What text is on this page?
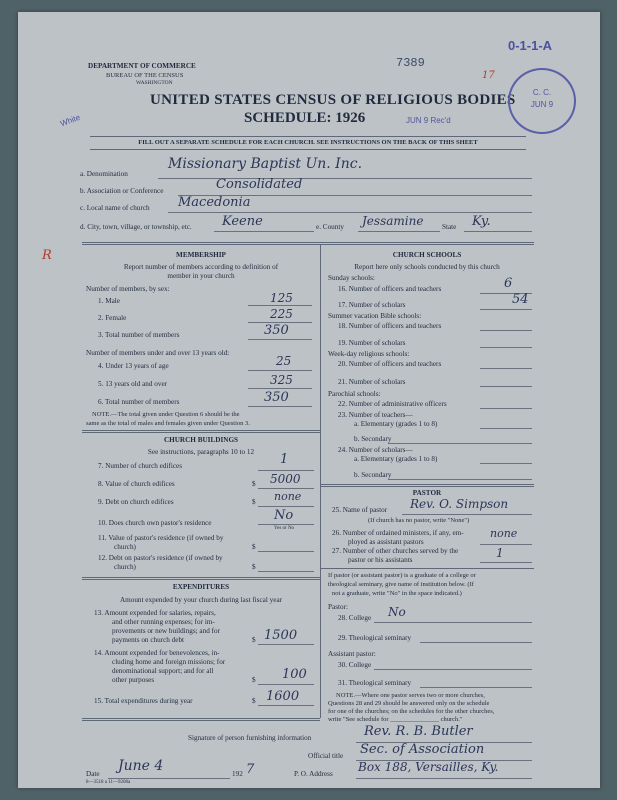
DEPARTMENT OF COMMERCE
BUREAU OF THE CENSUS
WASHINGTON
7389
0-1-1-A
17
White
R
UNITED STATES CENSUS OF RELIGIOUS BODIES
SCHEDULE: 1926	JUN 9 Rec'd
C. C.
JUN 9
FILL OUT A SEPARATE SCHEDULE FOR EACH CHURCH. SEE INSTRUCTIONS ON THE BACK OF THIS SHEET
a. Denomination
Missionary Baptist Un. Inc.
b. Association or Conference	Consolidated
c. Local name of church Macedonia
d. City, town, village, or township, etc. Keene	e. County Jessamine	State Ky.
MEMBERSHIP
Report number of members according to definition of
member in your church
Number of members, by sex:
1. Male	125
2. Female	225
3. Total number of members	350
Number of members under and over 13 years old:
4. Under 13 years of age	25
5. 13 years old and over	325
6. Total number of members	350
NOTE.—The total given under Question 6 should be the
same as the total of males and females given under Question 3.
CHURCH BUILDINGS
See instructions, paragraphs 10 to 12
7. Number of church edifices	1
8. Value of church edifices	$ 5000
9. Debt on church edifices	$ none
10. Does church own pastor's residence	No
Yes or No
11. Value of pastor's residence (if owned by
church)	$
12. Debt on pastor's residence (if owned by
church)	$
EXPENDITURES
Amount expended by your church during last fiscal year
13. Amount expended for salaries, repairs,
and other running expenses; for im-
provements or new buildings; and for
payments on church debt	$ 1500
14. Amount expended for benevolences, in-
cluding home and foreign missions; for
denominational support; and for all
other purposes	$ 100
15. Total expenditures during year	$ 1600
CHURCH SCHOOLS
Report here only schools conducted by this church
Sunday schools:
16. Number of officers and teachers	6
17. Number of scholars	54
Summer vacation Bible schools:
18. Number of officers and teachers
19. Number of scholars
Week-day religious schools:
20. Number of officers and teachers
21. Number of scholars
Parochial schools:
22. Number of administrative officers
23. Number of teachers—
a. Elementary (grades 1 to 8)
b. Secondary
24. Number of scholars—
a. Elementary (grades 1 to 8)
b. Secondary
PASTOR
25. Name of pastor Rev. O. Simpson
(If church has no pastor, write "None")
26. Number of ordained ministers, if any, em-
ployed as assistant pastors
none
27. Number of other churches served by the
pastor or his assistants	1
If pastor (or assistant pastor) is a graduate of a college or
theological seminary, give name of institution below. (If
not a graduate, write "No" in the space indicated.)
Pastor:
28. College No
29. Theological seminary
Assistant pastor:
30. College
31. Theological seminary
NOTE.—Where one pastor serves two or more churches,
Questions 28 and 29 should be answered only on the schedule
for one of the churches; on the schedules for the other churches,
write "See schedule for _______________ church."
Signature of person furnishing information	Rev. R. B. Butler
Official title Sec. of Association
Date June 4	192 7	P. O. Address Box 188, Versailles, Ky.
8—3518 a 11—9208a
